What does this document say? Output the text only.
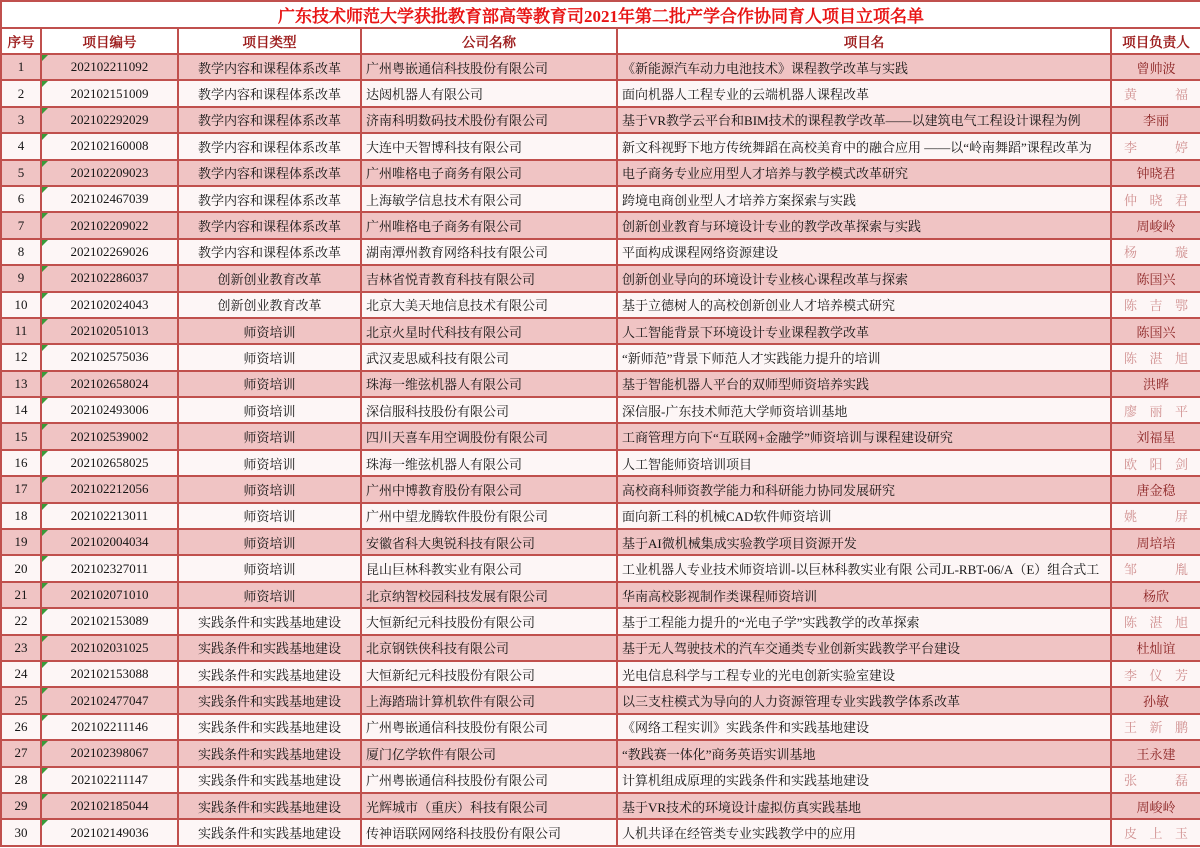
广东技术师范大学获批教育部高等教育司2021年第二批产学合作协同育人项目立项名单					
序号	项目编号	项目类型	公司名称	项目名	项目负责人
1	202102211092	教学内容和课程体系改革	广州粤嵌通信科技股份有限公司	《新能源汽车动力电池技术》课程教学改革与实践	曾帅波
2	202102151009	教学内容和课程体系改革	达闼机器人有限公司	面向机器人工程专业的云端机器人课程改革	黄福
3	202102292029	教学内容和课程体系改革	济南科明数码技术股份有限公司	基于VR教学云平台和BIM技术的课程教学改革——以建筑电气工程设计课程为例	李丽
4	202102160008	教学内容和课程体系改革	大连中天智博科技有限公司	新文科视野下地方传统舞蹈在高校美育中的融合应用 ——以“岭南舞蹈”课程改革为	李婷
5	202102209023	教学内容和课程体系改革	广州唯格电子商务有限公司	电子商务专业应用型人才培养与教学模式改革研究	钟晓君
6	202102467039	教学内容和课程体系改革	上海敏学信息技术有限公司	跨境电商创业型人才培养方案探索与实践	仲晓君
7	202102209022	教学内容和课程体系改革	广州唯格电子商务有限公司	创新创业教育与环境设计专业的教学改革探索与实践	周峻岭
8	202102269026	教学内容和课程体系改革	湖南潭州教育网络科技有限公司	平面构成课程网络资源建设	杨璇
9	202102286037	创新创业教育改革	吉林省悦青教育科技有限公司	创新创业导向的环境设计专业核心课程改革与探索	陈国兴
10	202102024043	创新创业教育改革	北京大美天地信息技术有限公司	基于立德树人的高校创新创业人才培养模式研究	陈吉鄂
11	202102051013	师资培训	北京火星时代科技有限公司	人工智能背景下环境设计专业课程教学改革	陈国兴
12	202102575036	师资培训	武汉麦思威科技有限公司	“新师范”背景下师范人才实践能力提升的培训	陈湛旭
13	202102658024	师资培训	珠海一维弦机器人有限公司	基于智能机器人平台的双师型师资培养实践	洪晔
14	202102493006	师资培训	深信服科技股份有限公司	深信服-广东技术师范大学师资培训基地	廖丽平
15	202102539002	师资培训	四川天喜车用空调股份有限公司	工商管理方向下“互联网+金融学”师资培训与课程建设研究	刘福星
16	202102658025	师资培训	珠海一维弦机器人有限公司	人工智能师资培训项目	欧阳剑
17	202102212056	师资培训	广州中博教育股份有限公司	高校商科师资教学能力和科研能力协同发展研究	唐金稳
18	202102213011	师资培训	广州中望龙腾软件股份有限公司	面向新工科的机械CAD软件师资培训	姚屏
19	202102004034	师资培训	安徽省科大奥锐科技有限公司	基于AI微机械集成实验教学项目资源开发	周培培
20	202102327011	师资培训	昆山巨林科教实业有限公司	工业机器人专业技术师资培训-以巨林科教实业有限 公司JL-RBT-06/A（E）组合式工	邹胤
21	202102071010	师资培训	北京纳智校园科技发展有限公司	华南高校影视制作类课程师资培训	杨欣
22	202102153089	实践条件和实践基地建设	大恒新纪元科技股份有限公司	基于工程能力提升的“光电子学”实践教学的改革探索	陈湛旭
23	202102031025	实践条件和实践基地建设	北京钢铁侠科技有限公司	基于无人驾驶技术的汽车交通类专业创新实践教学平台建设	杜灿谊
24	202102153088	实践条件和实践基地建设	大恒新纪元科技股份有限公司	光电信息科学与工程专业的光电创新实验室建设	李仪芳
25	202102477047	实践条件和实践基地建设	上海踏瑞计算机软件有限公司	以三支柱模式为导向的人力资源管理专业实践教学体系改革	孙敏
26	202102211146	实践条件和实践基地建设	广州粤嵌通信科技股份有限公司	《网络工程实训》实践条件和实践基地建设	王新鹏
27	202102398067	实践条件和实践基地建设	厦门亿学软件有限公司	“教践赛一体化”商务英语实训基地	王永建
28	202102211147	实践条件和实践基地建设	广州粤嵌通信科技股份有限公司	计算机组成原理的实践条件和实践基地建设	张磊
29	202102185044	实践条件和实践基地建设	光辉城市（重庆）科技有限公司	基于VR技术的环境设计虚拟仿真实践基地	周峻岭
30	202102149036	实践条件和实践基地建设	传神语联网网络科技股份有限公司	人机共译在经管类专业实践教学中的应用	皮上玉
